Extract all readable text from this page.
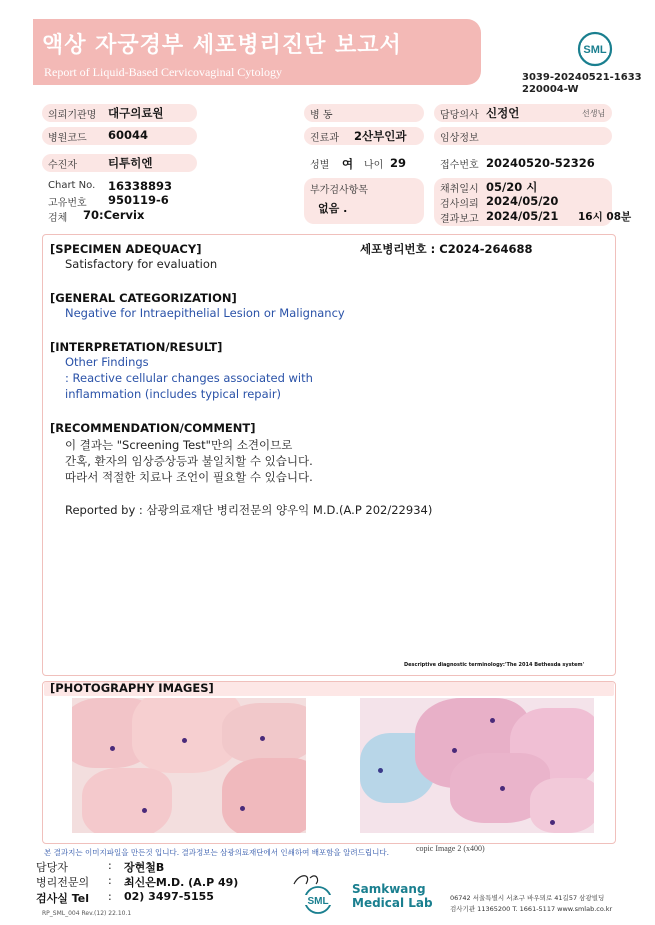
액상 자궁경부 세포병리진단 보고서
Report of Liquid-Based Cervicovaginal Cytology
SML
3039-20240521-1633
220004-W
의뢰기관명 대구의료원	병 동	담당의사 신정언	선생님
병원코드 60044	진료과 2산부인과	임상정보
수진자	티투히엔	성별 여 나이 29	접수번호 20240520-52326
Chart No. 16338893
고유번호 950119-6
검체 70:Cervix
부가검사항목
없음 .
채취일시 05/20 시
검사의뢰 2024/05/20
결과보고 2024/05/21 16시 08분
[SPECIMEN ADEQUACY]	세포병리번호 : C2024-264688
Satisfactory for evaluation
[GENERAL CATEGORIZATION]
Negative for Intraepithelial Lesion or Malignancy
[INTERPRETATION/RESULT]
Other Findings
: Reactive cellular changes associated with
inflammation (includes typical repair)
[RECOMMENDATION/COMMENT]
이 결과는 "Screening Test"만의 소견이므로
간혹, 환자의 임상증상등과 불일치할 수 있습니다.
따라서 적절한 치료나 조언이 필요할 수 있습니다.
Reported by : 삼광의료재단 병리전문의 양우익 M.D.(A.P 202/22934)
Descriptive diagnostic terminology:'The 2014 Bethesda system'
[PHOTOGRAPHY IMAGES]
copic Image 2 (x400)
본 결과지는 이미지파일을 만든것 입니다. 결과정보는 삼광의료재단에서 인쇄하여 배포함을 알려드립니다.
담당자	: 장현철B
병리전문의 : 최신은M.D. (A.P 49)
검사실 Tel : 02) 3497-5155	SML
Samkwang
Medical Lab	06742 서울특별시 서초구 바우뫼로 41길57 삼광빌딩
검사기관 11365200 T. 1661-5117 www.smlab.co.kr
RP_SML_004 Rev.(12) 22.10.1
